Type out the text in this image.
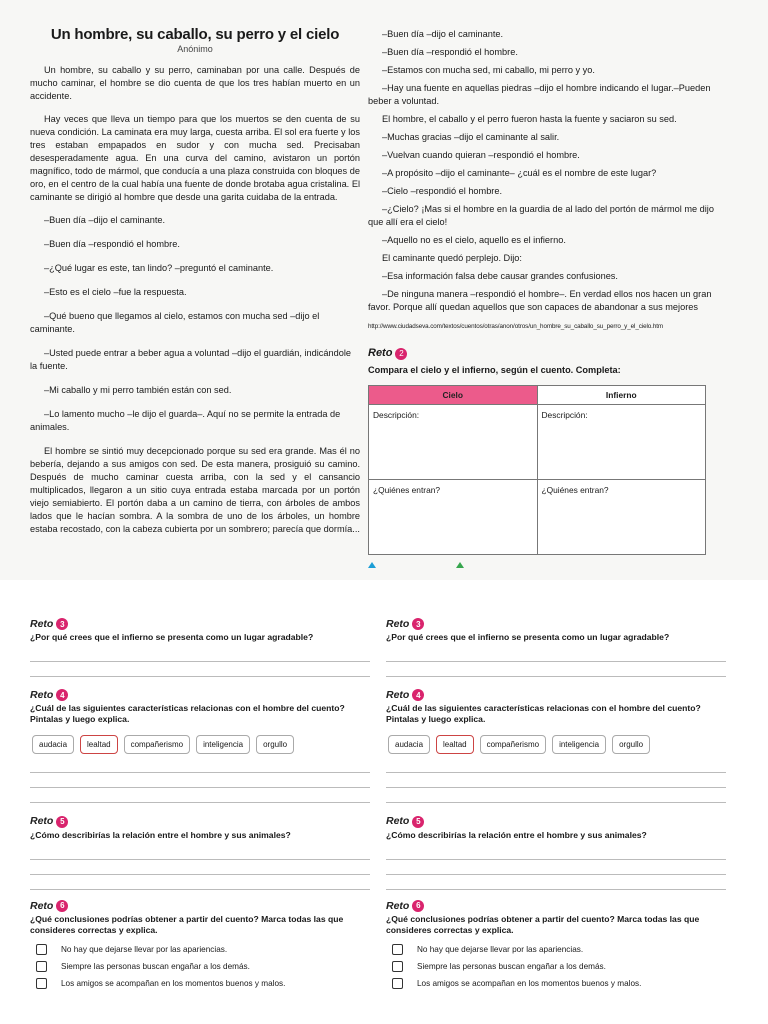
Un hombre, su caballo, su perro y el cielo
Anónimo

Un hombre, su caballo y su perro, caminaban por una calle. Después de mucho caminar, el hombre se dio cuenta de que los tres habían muerto en un accidente.

Hay veces que lleva un tiempo para que los muertos se den cuenta de su nueva condición. La caminata era muy larga, cuesta arriba. El sol era fuerte y los tres estaban empapados en sudor y con mucha sed. Precisaban desesperadamente agua. En una curva del camino, avistaron un portón magnífico, todo de mármol, que conducía a una plaza construida con bloques de oro, en el centro de la cual había una fuente de donde brotaba agua cristalina. El caminante se dirigió al hombre que desde una garita cuidaba de la entrada.

–Buen día –dijo el caminante.

–Buen día –respondió el hombre.

–¿Qué lugar es este, tan lindo? –preguntó el caminante.

–Esto es el cielo –fue la respuesta.

–Qué bueno que llegamos al cielo, estamos con mucha sed –dijo el caminante.

–Usted puede entrar a beber agua a voluntad –dijo el guardián, indicándole la fuente.

–Mi caballo y mi perro también están con sed.

–Lo lamento mucho –le dijo el guarda–. Aquí no se permite la entrada de animales.

El hombre se sintió muy decepcionado porque su sed era grande. Mas él no bebería, dejando a sus amigos con sed. De esta manera, prosiguió su camino. Después de mucho caminar cuesta arriba, con la sed y el cansancio multiplicados, llegaron a un sitio cuya entrada estaba marcada por un portón viejo semiabierto. El portón daba a un camino de tierra, con árboles de ambos lados que le hacían sombra. A la sombra de uno de los árboles, un hombre estaba recostado, con la cabeza cubierta por un sombrero; parecía que dormía...

–Buen día –dijo el caminante.

–Buen día –respondió el hombre.

–Estamos con mucha sed, mi caballo, mi perro y yo.

–Hay una fuente en aquellas piedras –dijo el hombre indicando el lugar.–Pueden beber a voluntad.

El hombre, el caballo y el perro fueron hasta la fuente y saciaron su sed.

–Muchas gracias –dijo el caminante al salir.

–Vuelvan cuando quieran –respondió el hombre.

–A propósito –dijo el caminante– ¿cuál es el nombre de este lugar?

–Cielo –respondió el hombre.

–¿Cielo? ¡Mas si el hombre en la guardia de al lado del portón de mármol me dijo que allí era el cielo!

–Aquello no es el cielo, aquello es el infierno.

El caminante quedó perplejo. Dijo:

–Esa información falsa debe causar grandes confusiones.

–De ninguna manera –respondió el hombre–. En verdad ellos nos hacen un gran favor. Porque allí quedan aquellos que son capaces de abandonar a sus mejores

http://www.ciudadseva.com/textos/cuentos/otras/anon/otros/un_hombre_su_caballo_su_perro_y_el_cielo.htm

Reto 2
Compara el cielo y el infierno, según el cuento. Completa:
Cielo	Infierno
Descripción:	Descripción:
¿Quiénes entran?	¿Quiénes entran?
Reto 3
¿Por qué crees que el infierno se presenta como un lugar agradable?
Reto 4
¿Cuál de las siguientes características relacionas con el hombre del cuento? Pintalas y luego explica.
audacia	lealtad	compañerismo	inteligencia	orgullo
Reto 5
¿Cómo describirías la relación entre el hombre y sus animales?
Reto 6
¿Qué conclusiones podrías obtener a partir del cuento? Marca todas las que consideres correctas y explica.
No hay que dejarse llevar por las apariencias.
Siempre las personas buscan engañar a los demás.
Los amigos se acompañan en los momentos buenos y malos.
Reto 3
¿Por qué crees que el infierno se presenta como un lugar agradable?
Reto 4
¿Cuál de las siguientes características relacionas con el hombre del cuento? Pintalas y luego explica.
audacia	lealtad	compañerismo	inteligencia	orgullo
Reto 5
¿Cómo describirías la relación entre el hombre y sus animales?
Reto 6
¿Qué conclusiones podrías obtener a partir del cuento? Marca todas las que consideres correctas y explica.
No hay que dejarse llevar por las apariencias.
Siempre las personas buscan engañar a los demás.
Los amigos se acompañan en los momentos buenos y malos.
